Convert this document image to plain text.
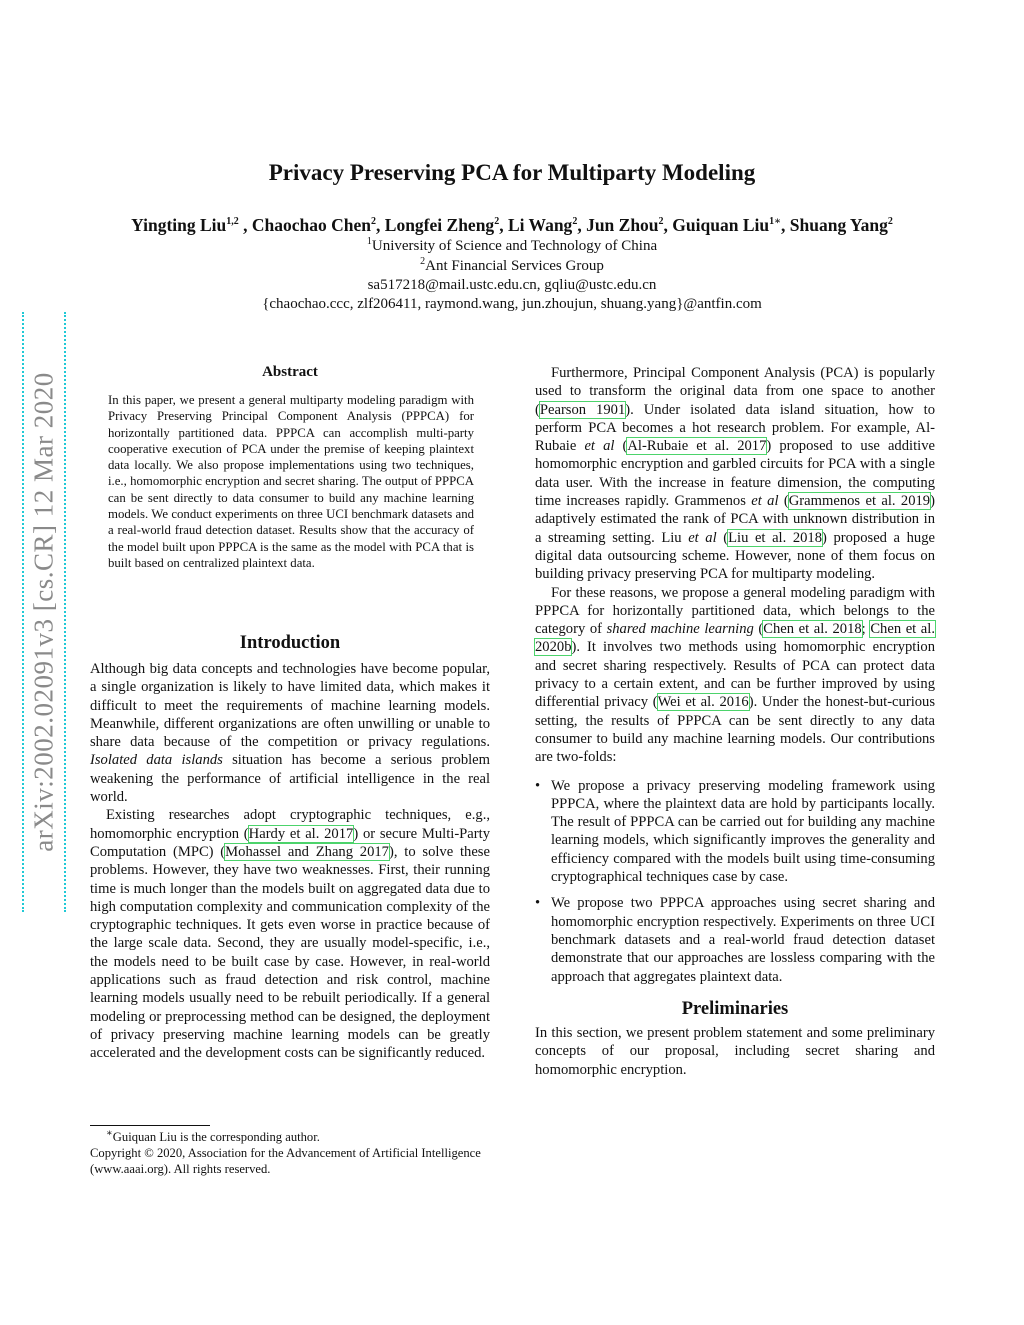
arXiv:2002.02091v3 [cs.CR] 12 Mar 2020
Privacy Preserving PCA for Multiparty Modeling
Yingting Liu$^{1,2}$ , Chaochao Chen$^2$, Longfei Zheng$^2$, Li Wang$^2$, Jun Zhou$^2$, Guiquan Liu$^{1∗}$, Shuang Yang$^2$
$^1$University of Science and Technology of China
$^2$Ant Financial Services Group
sa517218@mail.ustc.edu.cn, gqliu@ustc.edu.cn
{chaochao.ccc, zlf206411, raymond.wang, jun.zhoujun, shuang.yang}@antfin.com
Abstract
In this paper, we present a general multiparty modeling paradigm with Privacy Preserving Principal Component Analysis (PPPCA) for horizontally partitioned data. PPPCA can accomplish multi-party cooperative execution of PCA under the premise of keeping plaintext data locally. We also propose implementations using two techniques, i.e., homomorphic encryption and secret sharing. The output of PPPCA can be sent directly to data consumer to build any machine learning models. We conduct experiments on three UCI benchmark datasets and a real-world fraud detection dataset. Results show that the accuracy of the model built upon PPPCA is the same as the model with PCA that is built based on centralized plaintext data.
Introduction
Although big data concepts and technologies have become popular, a single organization is likely to have limited data, which makes it difficult to meet the requirements of machine learning models. Meanwhile, different organizations are often unwilling or unable to share data because of the competition or privacy regulations. Isolated data islands situation has become a serious problem weakening the performance of artificial intelligence in the real world.
Existing researches adopt cryptographic techniques, e.g., homomorphic encryption (Hardy et al. 2017) or secure Multi-Party Computation (MPC) (Mohassel and Zhang 2017), to solve these problems. However, they have two weaknesses. First, their running time is much longer than the models built on aggregated data due to high computation complexity and communication complexity of the cryptographic techniques. It gets even worse in practice because of the large scale data. Second, they are usually model-specific, i.e., the models need to be built case by case. However, in real-world applications such as fraud detection and risk control, machine learning models usually need to be rebuilt periodically. If a general modeling or preprocessing method can be designed, the deployment of privacy preserving machine learning models can be greatly accelerated and the development costs can be significantly reduced.
∗Guiquan Liu is the corresponding author.
Copyright © 2020, Association for the Advancement of Artificial Intelligence (www.aaai.org). All rights reserved.
Furthermore, Principal Component Analysis (PCA) is popularly used to transform the original data from one space to another (Pearson 1901). Under isolated data island situation, how to perform PCA becomes a hot research problem. For example, Al-Rubaie et al (Al-Rubaie et al. 2017) proposed to use additive homomorphic encryption and garbled circuits for PCA with a single data user. With the increase in feature dimension, the computing time increases rapidly. Grammenos et al (Grammenos et al. 2019) adaptively estimated the rank of PCA with unknown distribution in a streaming setting. Liu et al (Liu et al. 2018) proposed a huge digital data outsourcing scheme. However, none of them focus on building privacy preserving PCA for multiparty modeling.
For these reasons, we propose a general modeling paradigm with PPPCA for horizontally partitioned data, which belongs to the category of shared machine learning (Chen et al. 2018; Chen et al. 2020b). It involves two methods using homomorphic encryption and secret sharing respectively. Results of PCA can protect data privacy to a certain extent, and can be further improved by using differential privacy (Wei et al. 2016). Under the honest-but-curious setting, the results of PPPCA can be sent directly to any data consumer to build any machine learning models. Our contributions are two-folds:
• We propose a privacy preserving modeling framework using PPPCA, where the plaintext data are hold by participants locally. The result of PPPCA can be carried out for building any machine learning models, which significantly improves the generality and efficiency compared with the models built using time-consuming cryptographical techniques case by case.
• We propose two PPPCA approaches using secret sharing and homomorphic encryption respectively. Experiments on three UCI benchmark datasets and a real-world fraud detection dataset demonstrate that our approaches are lossless comparing with the approach that aggregates plaintext data.
Preliminaries
In this section, we present problem statement and some preliminary concepts of our proposal, including secret sharing and homomorphic encryption.
